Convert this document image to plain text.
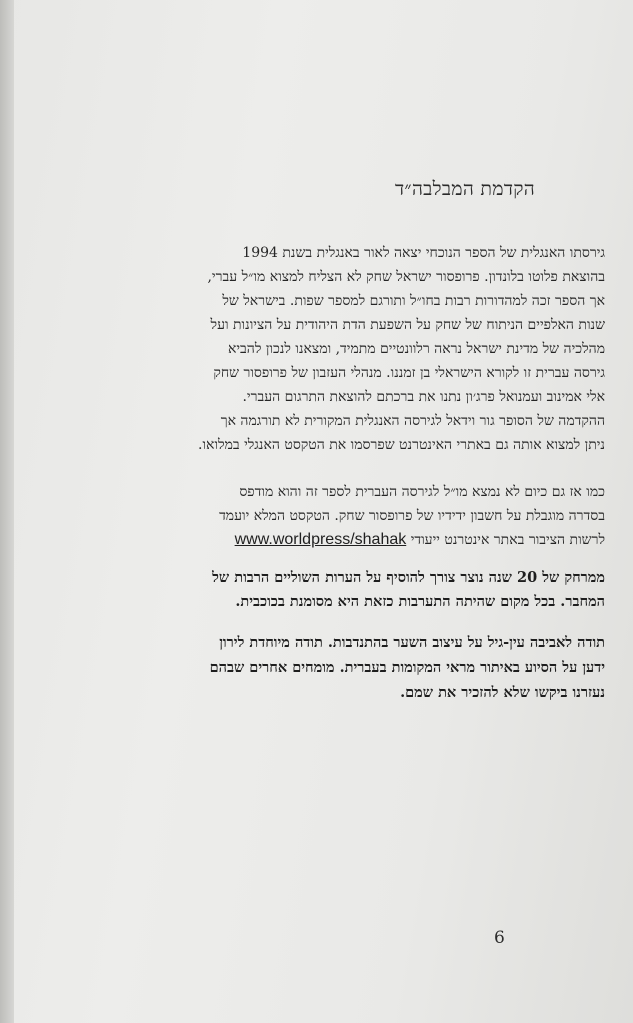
הקדמת המבלבה״ד
גירסתו האנגלית של הספר הנוכחי יצאה לאור באנגלית בשנת 1994
בהוצאת פלוטו בלונדון. פרופסור ישראל שחק לא הצליח למצוא מו״ל עברי,
אך הספר זכה למהדורות רבות בחו״ל ותורגם למספר שפות. בישראל של
שנות האלפיים הניתוח של שחק על השפעת הדת היהודית על הציונות ועל
מהלכיה של מדינת ישראל נראה רלוונטיים מתמיד, ומצאנו לנכון להביא
גירסה עברית זו לקורא הישראלי בן זמננו. מנהלי העזבון של פרופסור שחק
אלי אמינוב ועמנואל פרג׳ון נתנו את ברכתם להוצאת התרגום העברי.
ההקדמה של הסופר גור וידאל לגירסה האנגלית המקורית לא תורגמה אך
ניתן למצוא אותה גם באתרי האינטרנט שפרסמו את הטקסט האנגלי במלואו.
כמו אז גם כיום לא נמצא מו״ל לגירסה העברית לספר זה והוא מודפס
בסדרה מוגבלת על חשבון ידידיו של פרופסור שחק. הטקסט המלא יועמד
לרשות הציבור באתר אינטרנט ייעודי www.worldpress/shahak
ממרחק של 20 שנה נוצר צורך להוסיף על הערות השוליים הרבות של
המחבר. בכל מקום שהיתה התערבות כזאת היא מסומנת בכוכבית.
תודה לאביבה עין-גיל על עיצוב השער בהתנדבות. תודה מיוחדת לירון
ידען על הסיוע באיתור מראי המקומות בעברית. מומחים אחרים שבהם
נעזרנו ביקשו שלא להזכיר את שמם.
6
